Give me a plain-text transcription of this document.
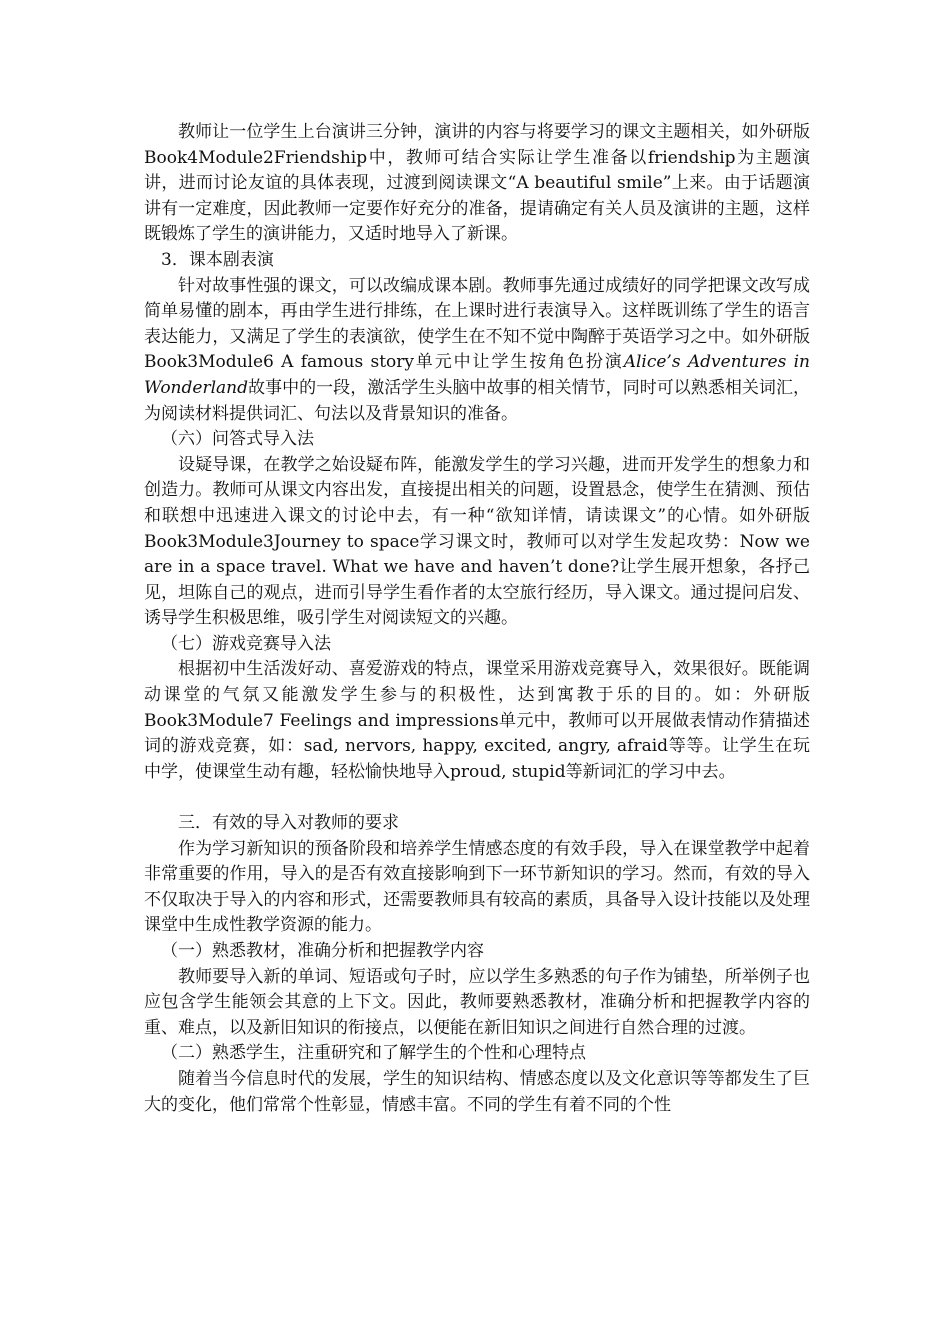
教师让一位学生上台演讲三分钟，演讲的内容与将要学习的课文主题相关，如外研版Book4Module2Friendship中，教师可结合实际让学生准备以friendship为主题演讲，进而讨论友谊的具体表现，过渡到阅读课文“A beautiful smile”上来。由于话题演讲有一定难度，因此教师一定要作好充分的准备，提请确定有关人员及演讲的主题，这样既锻炼了学生的演讲能力，又适时地导入了新课。

3．课本剧表演

针对故事性强的课文，可以改编成课本剧。教师事先通过成绩好的同学把课文改写成简单易懂的剧本，再由学生进行排练，在上课时进行表演导入。这样既训练了学生的语言表达能力，又满足了学生的表演欲，使学生在不知不觉中陶醉于英语学习之中。如外研版Book3Module6 A famous story单元中让学生按角色扮演Alice’s Adventures in Wonderland故事中的一段，激活学生头脑中故事的相关情节，同时可以熟悉相关词汇，为阅读材料提供词汇、句法以及背景知识的准备。

（六）问答式导入法

设疑导课，在教学之始设疑布阵，能激发学生的学习兴趣，进而开发学生的想象力和创造力。教师可从课文内容出发，直接提出相关的问题，设置悬念，使学生在猜测、预估和联想中迅速进入课文的讨论中去，有一种“欲知详情，请读课文”的心情。如外研版Book3Module3Journey to space学习课文时，教师可以对学生发起攻势：Now we are in a space travel. What we have and haven’t done?让学生展开想象，各抒己见，坦陈自己的观点，进而引导学生看作者的太空旅行经历，导入课文。通过提问启发、诱导学生积极思维，吸引学生对阅读短文的兴趣。

（七）游戏竞赛导入法

根据初中生活泼好动、喜爱游戏的特点，课堂采用游戏竞赛导入，效果很好。既能调动课堂的气氛又能激发学生参与的积极性，达到寓教于乐的目的。如：外研版Book3Module7 Feelings and impressions单元中，教师可以开展做表情动作猜描述词的游戏竞赛，如：sad, nervors, happy, excited, angry, afraid等等。让学生在玩中学，使课堂生动有趣，轻松愉快地导入proud, stupid等新词汇的学习中去。

三．有效的导入对教师的要求

作为学习新知识的预备阶段和培养学生情感态度的有效手段，导入在课堂教学中起着非常重要的作用，导入的是否有效直接影响到下一环节新知识的学习。然而，有效的导入不仅取决于导入的内容和形式，还需要教师具有较高的素质，具备导入设计技能以及处理课堂中生成性教学资源的能力。

（一）熟悉教材，准确分析和把握教学内容

教师要导入新的单词、短语或句子时，应以学生多熟悉的句子作为铺垫，所举例子也应包含学生能领会其意的上下文。因此，教师要熟悉教材，准确分析和把握教学内容的重、难点，以及新旧知识的衔接点，以便能在新旧知识之间进行自然合理的过渡。

（二）熟悉学生，注重研究和了解学生的个性和心理特点

随着当今信息时代的发展，学生的知识结构、情感态度以及文化意识等等都发生了巨大的变化，他们常常个性彰显，情感丰富。不同的学生有着不同的个性
